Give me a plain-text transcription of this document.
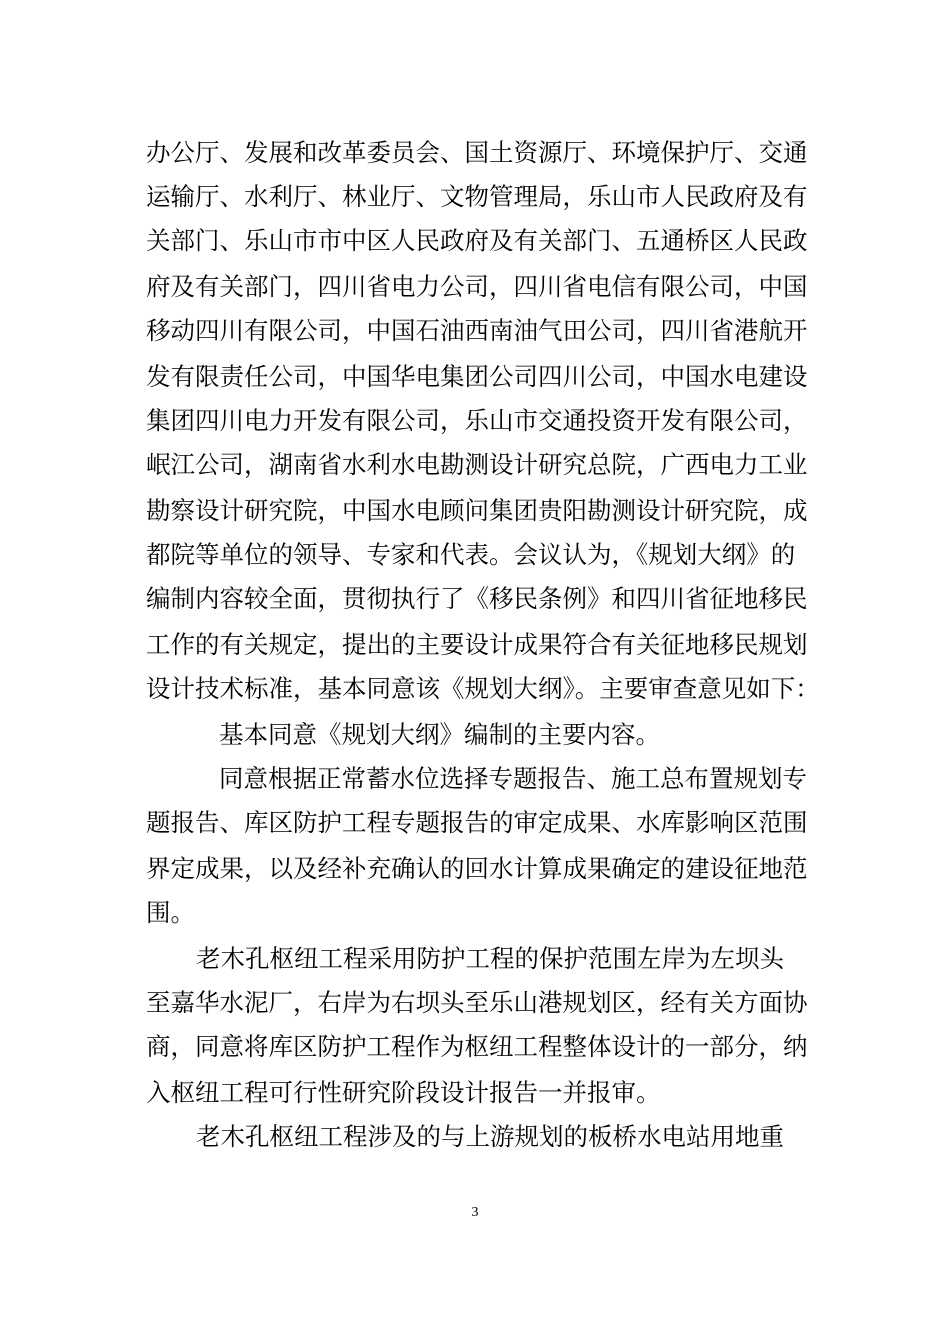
办公厅、发展和改革委员会、国土资源厅、环境保护厅、交通
运输厅、水利厅、林业厅、文物管理局，乐山市人民政府及有
关部门、乐山市市中区人民政府及有关部门、五通桥区人民政
府及有关部门，四川省电力公司，四川省电信有限公司，中国
移动四川有限公司，中国石油西南油气田公司，四川省港航开
发有限责任公司，中国华电集团公司四川公司，中国水电建设
集团四川电力开发有限公司，乐山市交通投资开发有限公司，
岷江公司，湖南省水利水电勘测设计研究总院，广西电力工业
勘察设计研究院，中国水电顾问集团贵阳勘测设计研究院，成
都院等单位的领导、专家和代表。会议认为，《规划大纲》的
编制内容较全面，贯彻执行了《移民条例》和四川省征地移民
工作的有关规定，提出的主要设计成果符合有关征地移民规划
设计技术标准，基本同意该《规划大纲》。主要审查意见如下：
基本同意《规划大纲》编制的主要内容。
同意根据正常蓄水位选择专题报告、施工总布置规划专
题报告、库区防护工程专题报告的审定成果、水库影响区范围
界定成果，以及经补充确认的回水计算成果确定的建设征地范
围。
老木孔枢纽工程采用防护工程的保护范围左岸为左坝头
至嘉华水泥厂，右岸为右坝头至乐山港规划区，经有关方面协
商，同意将库区防护工程作为枢纽工程整体设计的一部分，纳
入枢纽工程可行性研究阶段设计报告一并报审。
老木孔枢纽工程涉及的与上游规划的板桥水电站用地重
3
